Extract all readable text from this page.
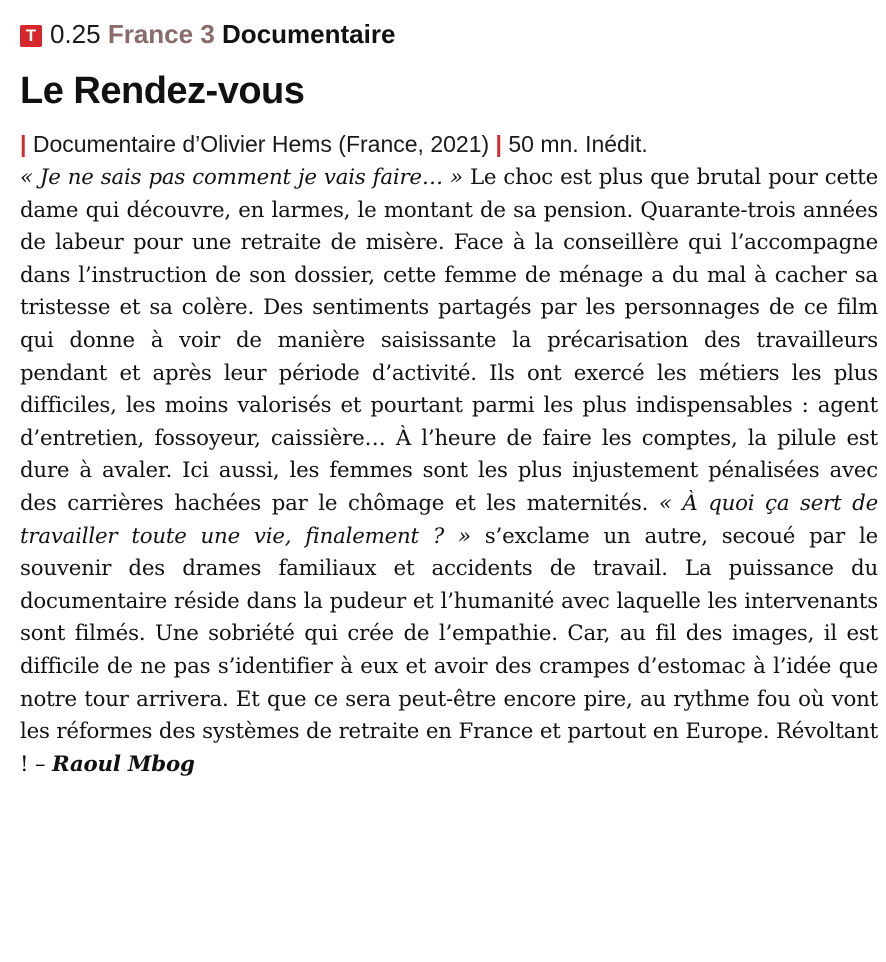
T 0.25 France 3 Documentaire
Le Rendez-vous
| Documentaire d’Olivier Hems (France, 2021) | 50 mn. Inédit.
« Je ne sais pas comment je vais faire… » Le choc est plus que brutal pour cette dame qui découvre, en larmes, le montant de sa pension. Quarante-trois années de labeur pour une retraite de misère. Face à la conseillère qui l’accompagne dans l’instruction de son dossier, cette femme de ménage a du mal à cacher sa tristesse et sa colère. Des sentiments partagés par les personnages de ce film qui donne à voir de manière saisissante la précarisation des travailleurs pendant et après leur période d’activité. Ils ont exercé les métiers les plus difficiles, les moins valorisés et pourtant parmi les plus indispensables : agent d’entretien, fossoyeur, caissière… À l’heure de faire les comptes, la pilule est dure à avaler. Ici aussi, les femmes sont les plus injustement pénalisées avec des carrières hachées par le chômage et les maternités. « À quoi ça sert de travailler toute une vie, finalement ? » s’exclame un autre, secoué par le souvenir des drames familiaux et accidents de travail. La puissance du documentaire réside dans la pudeur et l’humanité avec laquelle les intervenants sont filmés. Une sobriété qui crée de l’empathie. Car, au fil des images, il est difficile de ne pas s’identifier à eux et avoir des crampes d’estomac à l’idée que notre tour arrivera. Et que ce sera peut-être encore pire, au rythme fou où vont les réformes des systèmes de retraite en France et partout en Europe. Révoltant ! – Raoul Mbog
